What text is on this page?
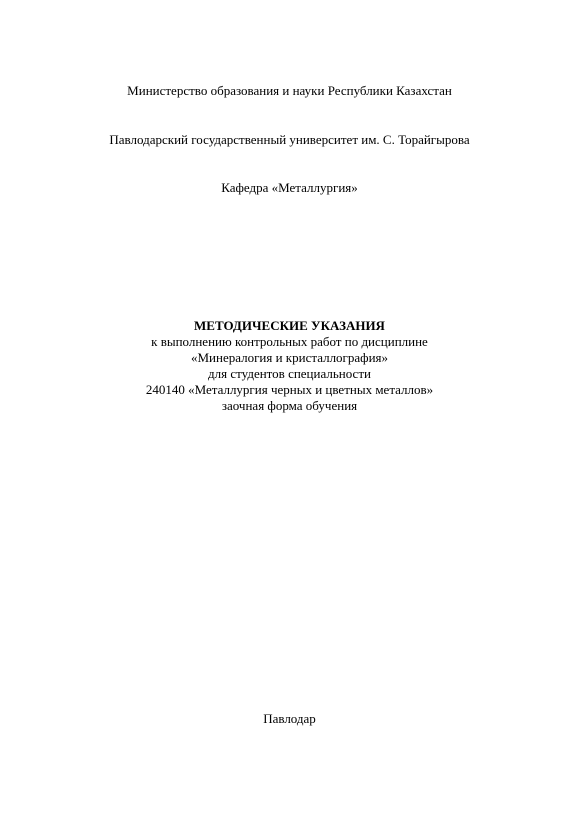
Министерство образования и науки Республики Казахстан
Павлодарский государственный университет им. С. Торайгырова
Кафедра «Металлургия»
МЕТОДИЧЕСКИЕ УКАЗАНИЯ
к выполнению контрольных работ по дисциплине
«Минералогия и кристаллография»
для студентов специальности
240140 «Металлургия черных и цветных металлов»
заочная форма обучения
Павлодар
